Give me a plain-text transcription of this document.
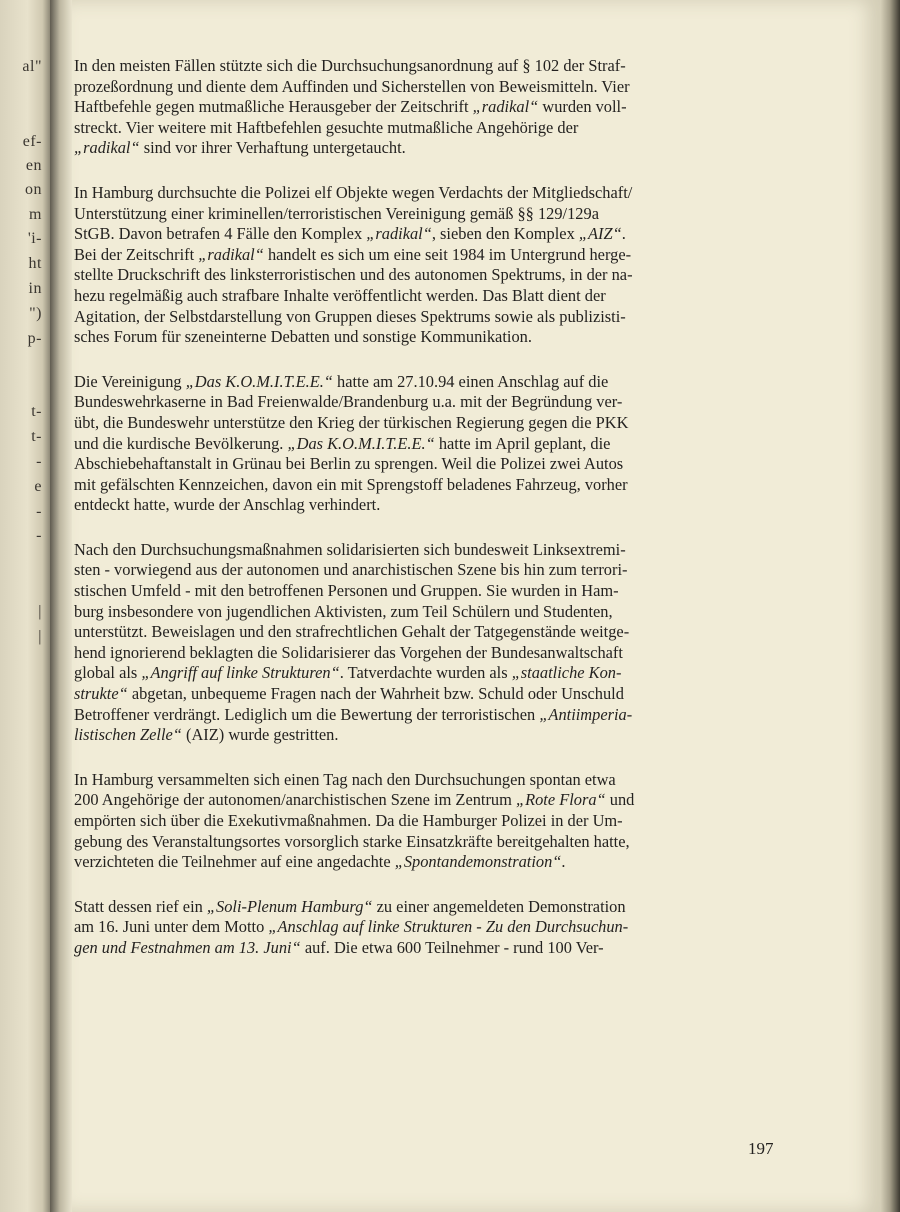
al"
ef-
en
on
m
'i-
ht
in
")
p-
t-
t-
-
e
-
-
|
|

In den meisten Fällen stützte sich die Durchsuchungsanordnung auf § 102 der Straf-
prozeßordnung und diente dem Auffinden und Sicherstellen von Beweismitteln. Vier
Haftbefehle gegen mutmaßliche Herausgeber der Zeitschrift „radikal“ wurden voll-
streckt. Vier weitere mit Haftbefehlen gesuchte mutmaßliche Angehörige der
„radikal“ sind vor ihrer Verhaftung untergetaucht.

In Hamburg durchsuchte die Polizei elf Objekte wegen Verdachts der Mitgliedschaft/
Unterstützung einer kriminellen/terroristischen Vereinigung gemäß §§ 129/129a
StGB. Davon betrafen 4 Fälle den Komplex „radikal“, sieben den Komplex „AIZ“.
Bei der Zeitschrift „radikal“ handelt es sich um eine seit 1984 im Untergrund herge-
stellte Druckschrift des linksterroristischen und des autonomen Spektrums, in der na-
hezu regelmäßig auch strafbare Inhalte veröffentlicht werden. Das Blatt dient der
Agitation, der Selbstdarstellung von Gruppen dieses Spektrums sowie als publizisti-
sches Forum für szeneinterne Debatten und sonstige Kommunikation.

Die Vereinigung „Das K.O.M.I.T.E.E.“ hatte am 27.10.94 einen Anschlag auf die
Bundeswehrkaserne in Bad Freienwalde/Brandenburg u.a. mit der Begründung ver-
übt, die Bundeswehr unterstütze den Krieg der türkischen Regierung gegen die PKK
und die kurdische Bevölkerung. „Das K.O.M.I.T.E.E.“ hatte im April geplant, die
Abschiebehaftanstalt in Grünau bei Berlin zu sprengen. Weil die Polizei zwei Autos
mit gefälschten Kennzeichen, davon ein mit Sprengstoff beladenes Fahrzeug, vorher
entdeckt hatte, wurde der Anschlag verhindert.

Nach den Durchsuchungsmaßnahmen solidarisierten sich bundesweit Linksextremi-
sten - vorwiegend aus der autonomen und anarchistischen Szene bis hin zum terrori-
stischen Umfeld - mit den betroffenen Personen und Gruppen. Sie wurden in Ham-
burg insbesondere von jugendlichen Aktivisten, zum Teil Schülern und Studenten,
unterstützt. Beweislagen und den strafrechtlichen Gehalt der Tatgegenstände weitge-
hend ignorierend beklagten die Solidarisierer das Vorgehen der Bundesanwaltschaft
global als „Angriff auf linke Strukturen“. Tatverdachte wurden als „staatliche Kon-
strukte“ abgetan, unbequeme Fragen nach der Wahrheit bzw. Schuld oder Unschuld
Betroffener verdrängt. Lediglich um die Bewertung der terroristischen „Antiimperia-
listischen Zelle“ (AIZ) wurde gestritten.

In Hamburg versammelten sich einen Tag nach den Durchsuchungen spontan etwa
200 Angehörige der autonomen/anarchistischen Szene im Zentrum „Rote Flora“ und
empörten sich über die Exekutivmaßnahmen. Da die Hamburger Polizei in der Um-
gebung des Veranstaltungsortes vorsorglich starke Einsatzkräfte bereitgehalten hatte,
verzichteten die Teilnehmer auf eine angedachte „Spontandemonstration“.

Statt dessen rief ein „Soli-Plenum Hamburg“ zu einer angemeldeten Demonstration
am 16. Juni unter dem Motto „Anschlag auf linke Strukturen - Zu den Durchsuchun-
gen und Festnahmen am 13. Juni“ auf. Die etwa 600 Teilnehmer - rund 100 Ver-

197
